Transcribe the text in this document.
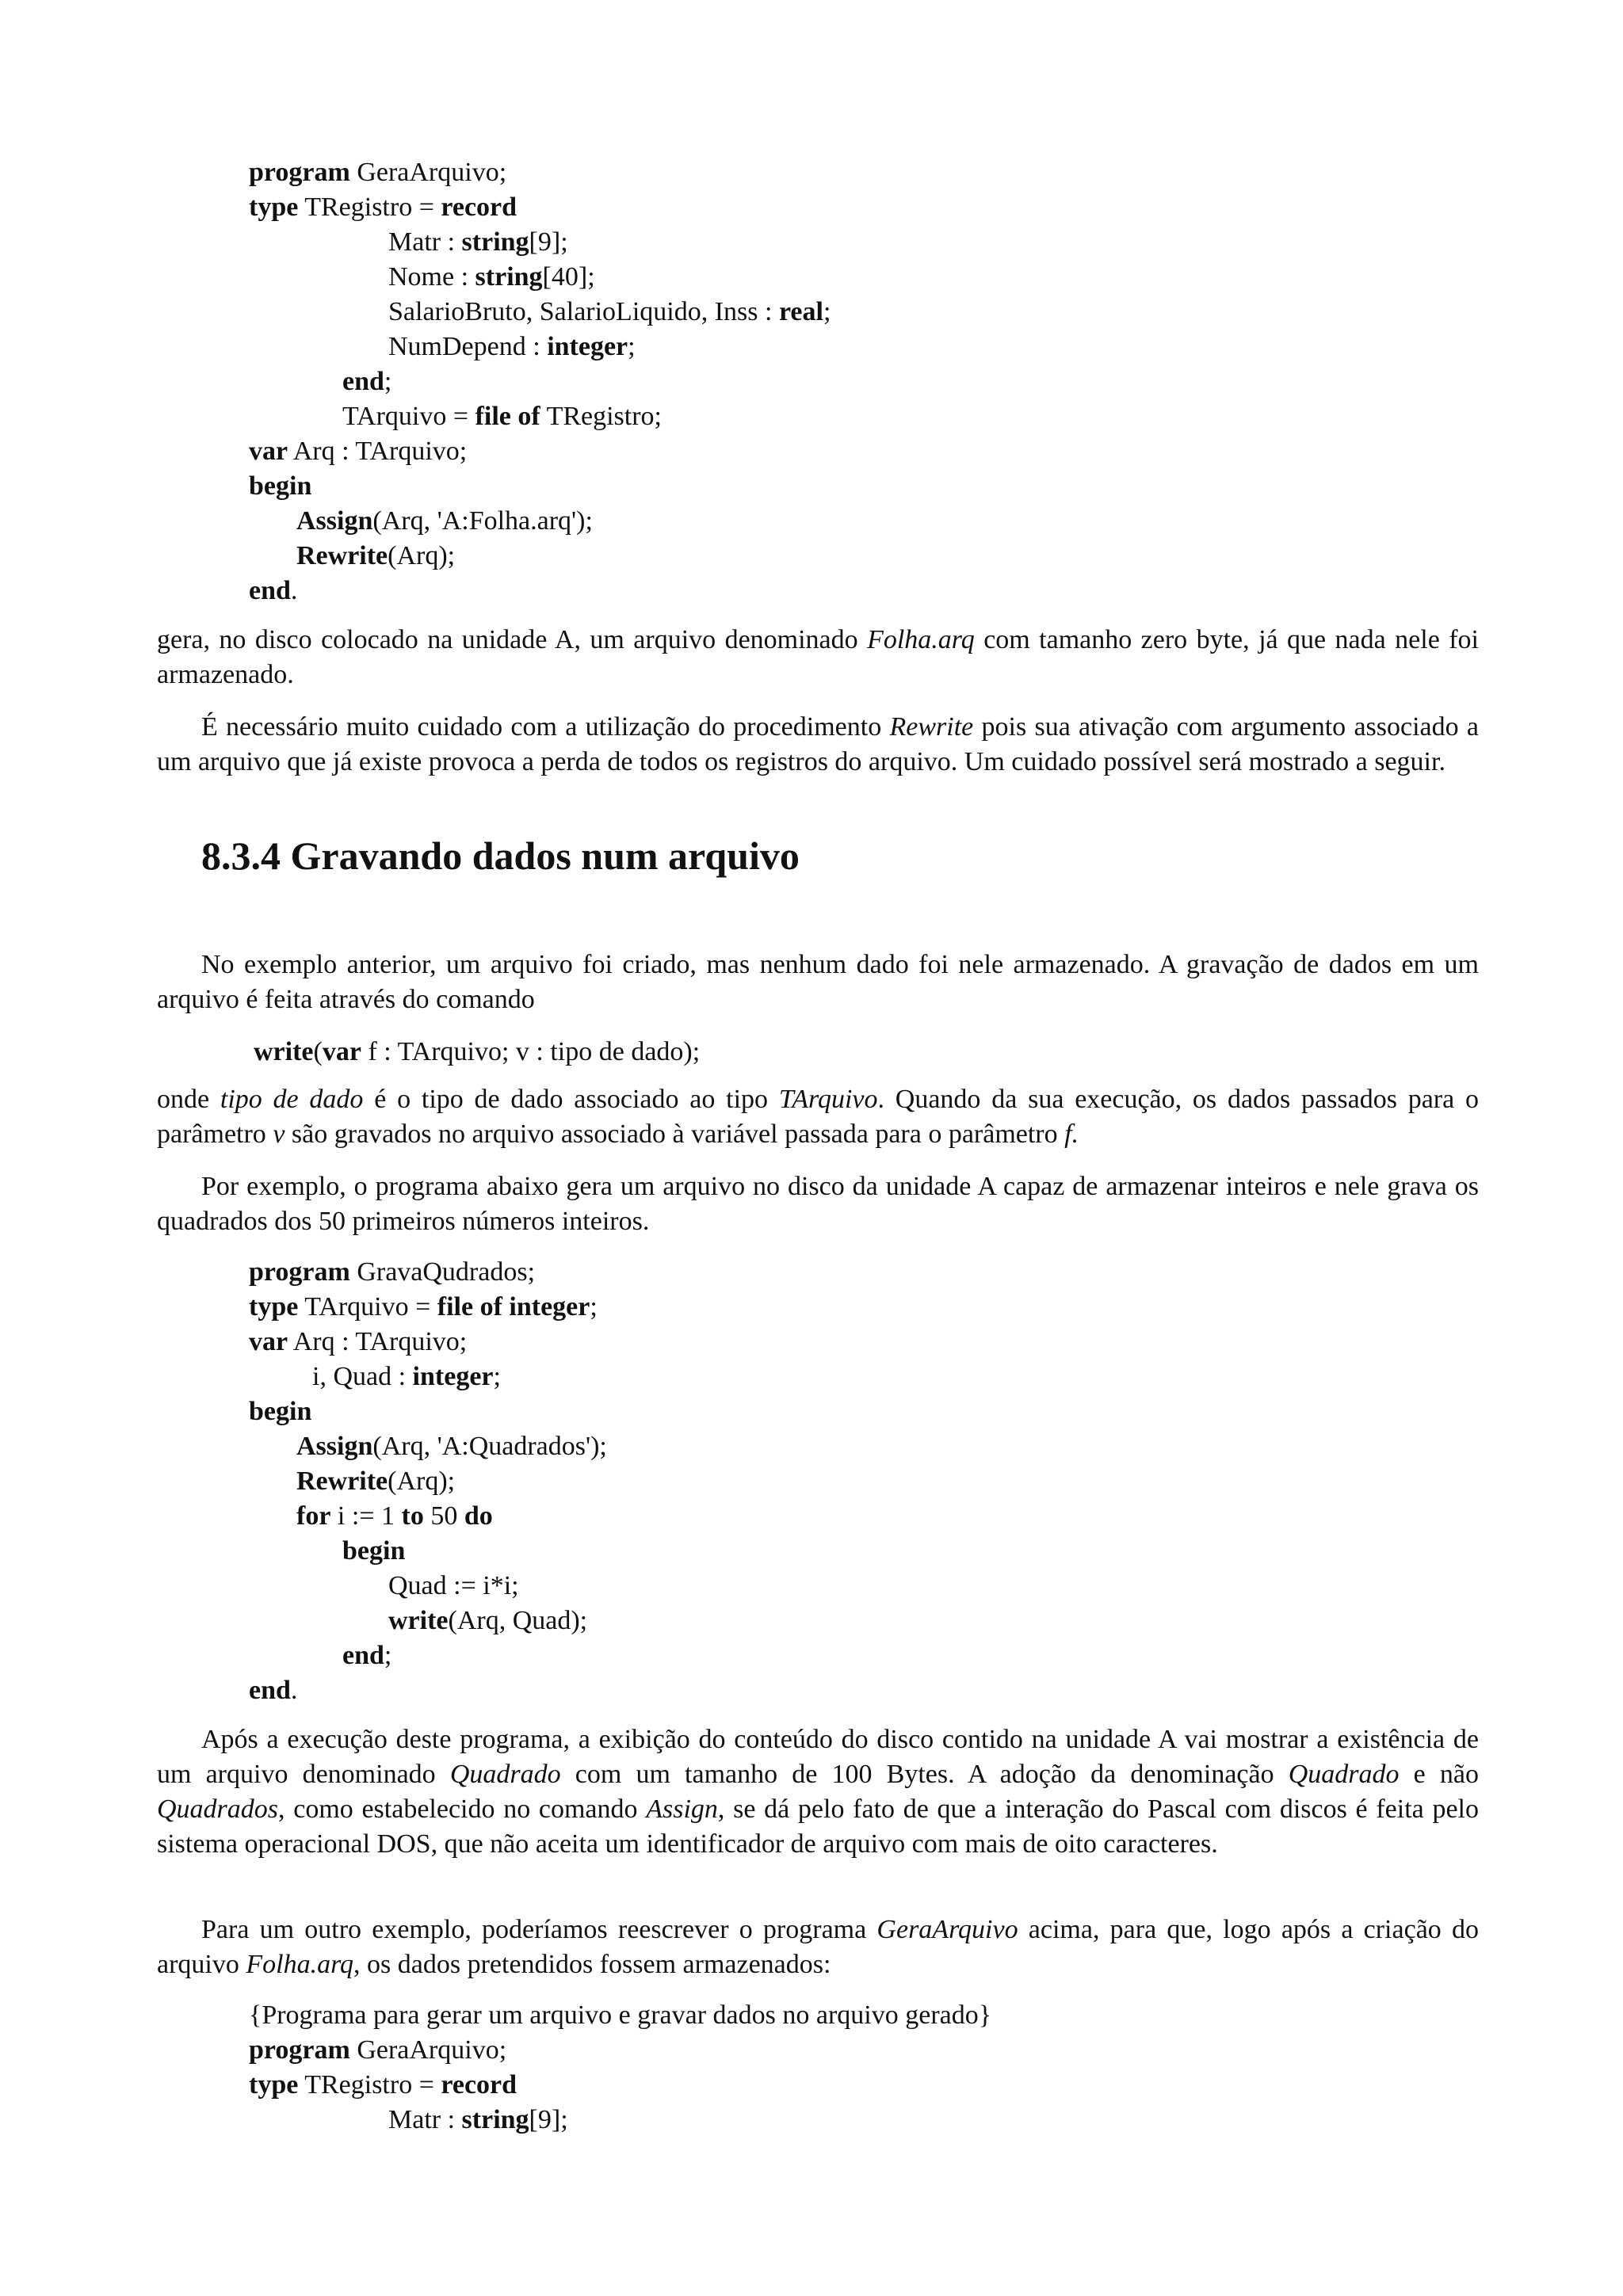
program GeraArquivo;
type TRegistro = record
Matr : string[9];
Nome : string[40];
SalarioBruto, SalarioLiquido, Inss : real;
NumDepend : integer;
end;
TArquivo = file of TRegistro;
var Arq : TArquivo;
begin
Assign(Arq, 'A:Folha.arq');
Rewrite(Arq);
end.

gera, no disco colocado na unidade A, um arquivo denominado Folha.arq com tamanho zero byte, já que nada nele foi armazenado.

É necessário muito cuidado com a utilização do procedimento Rewrite pois sua ativação com argumento associado a um arquivo que já existe provoca a perda de todos os registros do arquivo. Um cuidado possível será mostrado a seguir.

8.3.4 Gravando dados num arquivo

No exemplo anterior, um arquivo foi criado, mas nenhum dado foi nele armazenado. A gravação de dados em um arquivo é feita através do comando

write(var f : TArquivo; v : tipo de dado);

onde tipo de dado é o tipo de dado associado ao tipo TArquivo. Quando da sua execução, os dados passados para o parâmetro v são gravados no arquivo associado à variável passada para o parâmetro f.

Por exemplo, o programa abaixo gera um arquivo no disco da unidade A capaz de armazenar inteiros e nele grava os quadrados dos 50 primeiros números inteiros.

program GravaQudrados;
type TArquivo = file of integer;
var Arq : TArquivo;
i, Quad : integer;
begin
Assign(Arq, 'A:Quadrados');
Rewrite(Arq);
for i := 1 to 50 do
begin
Quad := i*i;
write(Arq, Quad);
end;
end.

Após a execução deste programa, a exibição do conteúdo do disco contido na unidade A vai mostrar a existência de um arquivo denominado Quadrado com um tamanho de 100 Bytes. A adoção da denominação Quadrado e não Quadrados, como estabelecido no comando Assign, se dá pelo fato de que a interação do Pascal com discos é feita pelo sistema operacional DOS, que não aceita um identificador de arquivo com mais de oito caracteres.

Para um outro exemplo, poderíamos reescrever o programa GeraArquivo acima, para que, logo após a criação do arquivo Folha.arq, os dados pretendidos fossem armazenados:

{Programa para gerar um arquivo e gravar dados no arquivo gerado}
program GeraArquivo;
type TRegistro = record
Matr : string[9];
